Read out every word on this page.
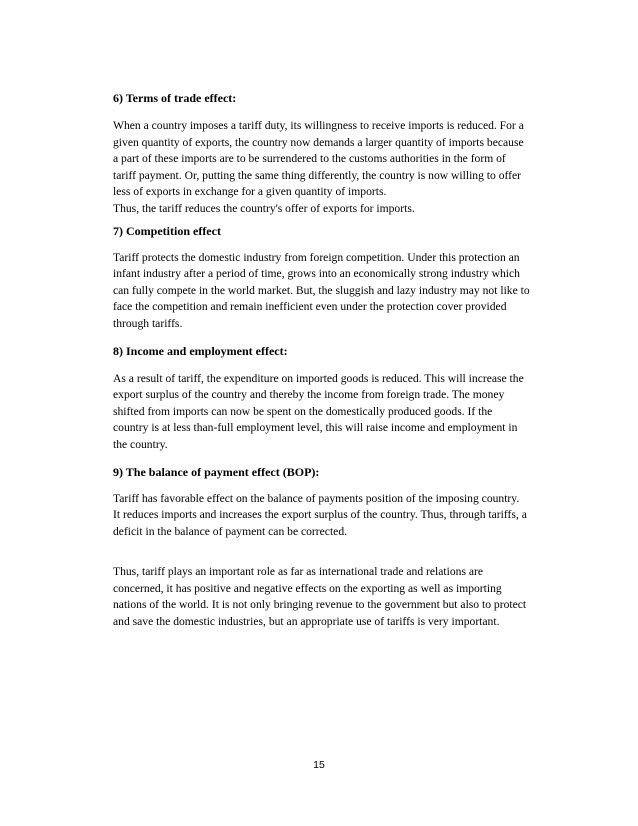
6) Terms of trade effect:

When a country imposes a tariff duty, its willingness to receive imports is reduced. For a
given quantity of exports, the country now demands a larger quantity of imports because
a part of these imports are to be surrendered to the customs authorities in the form of
tariff payment. Or, putting the same thing differently, the country is now willing to offer
less of exports in exchange for a given quantity of imports.
Thus, the tariff reduces the country's offer of exports for imports.

7) Competition effect

Tariff protects the domestic industry from foreign competition. Under this protection an
infant industry after a period of time, grows into an economically strong industry which
can fully compete in the world market. But, the sluggish and lazy industry may not like to
face the competition and remain inefficient even under the protection cover provided
through tariffs.

8) Income and employment effect:

As a result of tariff, the expenditure on imported goods is reduced. This will increase the
export surplus of the country and thereby the income from foreign trade. The money
shifted from imports can now be spent on the domestically produced goods. If the
country is at less than-full employment level, this will raise income and employment in
the country.

9) The balance of payment effect (BOP):

Tariff has favorable effect on the balance of payments position of the imposing country.
It reduces imports and increases the export surplus of the country. Thus, through tariffs, a
deficit in the balance of payment can be corrected.

Thus, tariff plays an important role as far as international trade and relations are
concerned, it has positive and negative effects on the exporting as well as importing
nations of the world. It is not only bringing revenue to the government but also to protect
and save the domestic industries, but an appropriate use of tariffs is very important.

15
